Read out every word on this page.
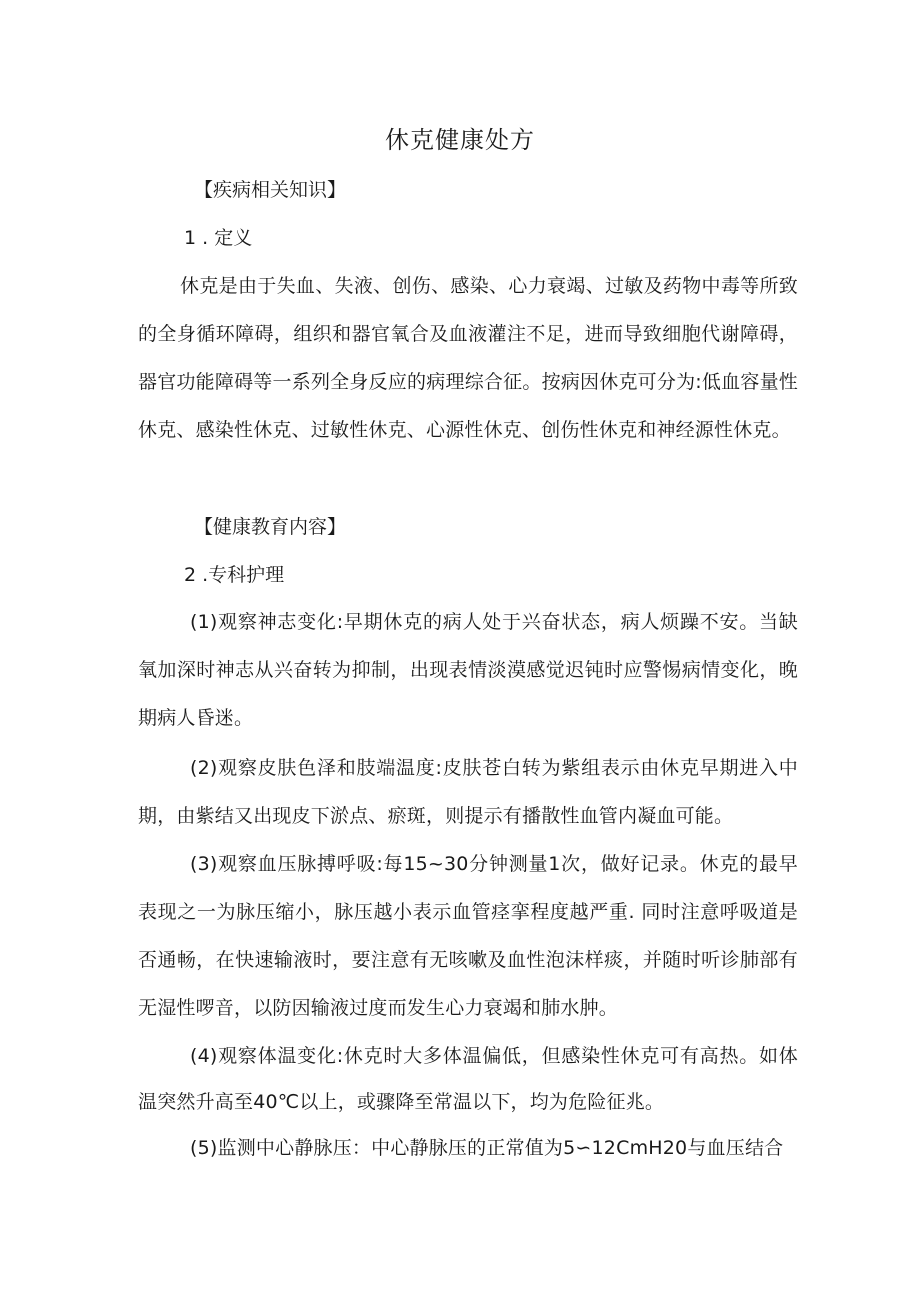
休克健康处方
【疾病相关知识】
1 . 定义
休克是由于失血、失液、创伤、感染、心力衰竭、过敏及药物中毒等所致的全身循环障碍，组织和器官氧合及血液灌注不足，进而导致细胞代谢障碍，器官功能障碍等一系列全身反应的病理综合征。按病因休克可分为:低血容量性休克、感染性休克、过敏性休克、心源性休克、创伤性休克和神经源性休克。
【健康教育内容】
2 .专科护理
(1)观察神志变化:早期休克的病人处于兴奋状态，病人烦躁不安。当缺氧加深时神志从兴奋转为抑制，出现表情淡漠感觉迟钝时应警惕病情变化，晚期病人昏迷。
(2)观察皮肤色泽和肢端温度:皮肤苍白转为紫组表示由休克早期进入中期，由紫结又出现皮下淤点、瘀斑，则提示有播散性血管内凝血可能。
(3)观察血压脉搏呼吸:每15~30分钟测量1次，做好记录。休克的最早表现之一为脉压缩小，脉压越小表示血管痉挛程度越严重. 同时注意呼吸道是否通畅，在快速输液时，要注意有无咳嗽及血性泡沫样痰，并随时听诊肺部有无湿性啰音，以防因输液过度而发生心力衰竭和肺水肿。
(4)观察体温变化:休克时大多体温偏低，但感染性休克可有高热。如体温突然升高至40℃以上，或骤降至常温以下，均为危险征兆。
(5)监测中心静脉压：中心静脉压的正常值为5∽12CmH20与血压结合
